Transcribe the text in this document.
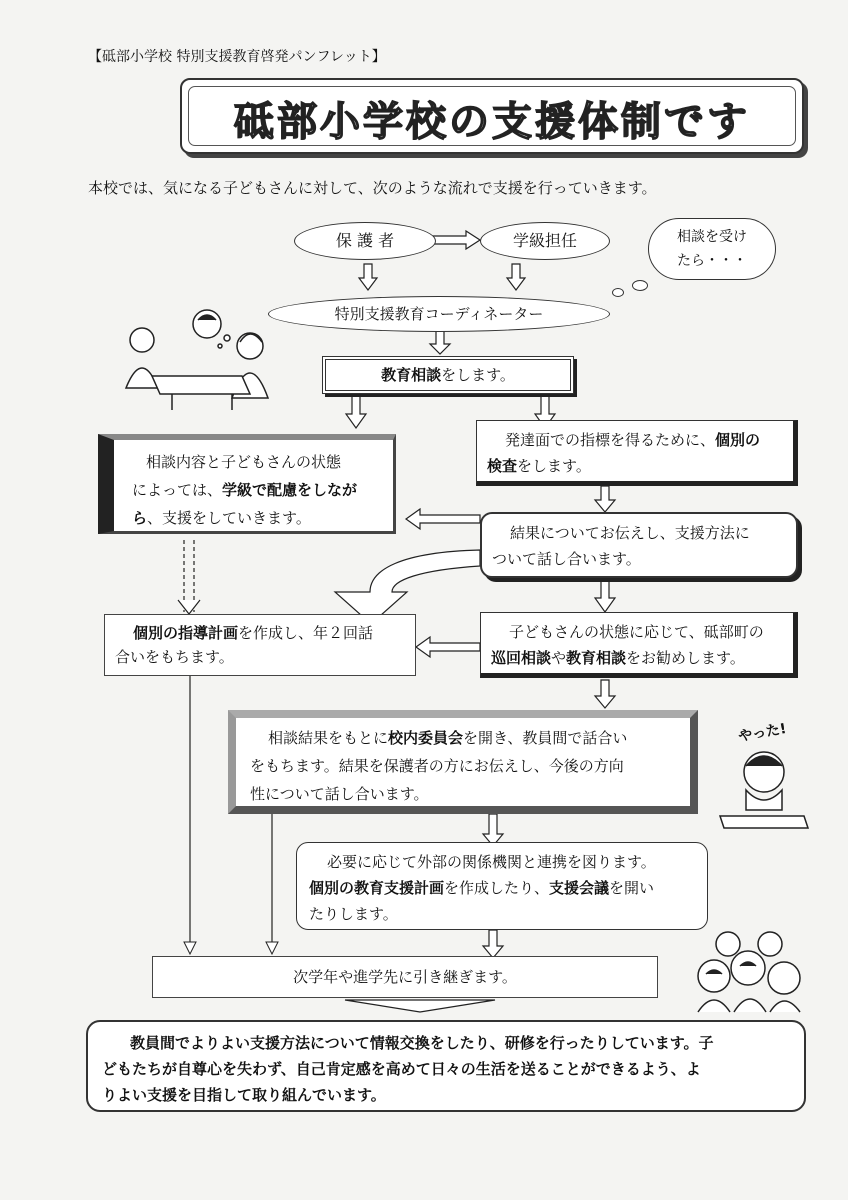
【砥部小学校 特別支援教育啓発パンフレット】
砥部小学校の支援体制です
本校では、気になる子どもさんに対して、次のような流れで支援を行っていきます。
保 護 者	学級担任	相談を受け
たら・・・
特別支援教育コーディネーター
教育相談をします。
相談内容と子どもさんの状態
によっては、学級で配慮をしなが
ら、支援をしていきます。
発達面での指標を得るために、個別の
検査をします。
結果についてお伝えし、支援方法に
ついて話し合います。
個別の指導計画を作成し、年２回話
合いをもちます。
子どもさんの状態に応じて、砥部町の
巡回相談や教育相談をお勧めします。
相談結果をもとに校内委員会を開き、教員間で話合い
をもちます。結果を保護者の方にお伝えし、今後の方向
性について話し合います。
必要に応じて外部の関係機関と連携を図ります。
個別の教育支援計画を作成したり、支援会議を開い
たりします。
次学年や進学先に引き継ぎます。
教員間でよりよい支援方法について情報交換をしたり、研修を行ったりしています。子
どもたちが自尊心を失わず、自己肯定感を高めて日々の生活を送ることができるよう、よ
りよい支援を目指して取り組んでいます。
やった!
